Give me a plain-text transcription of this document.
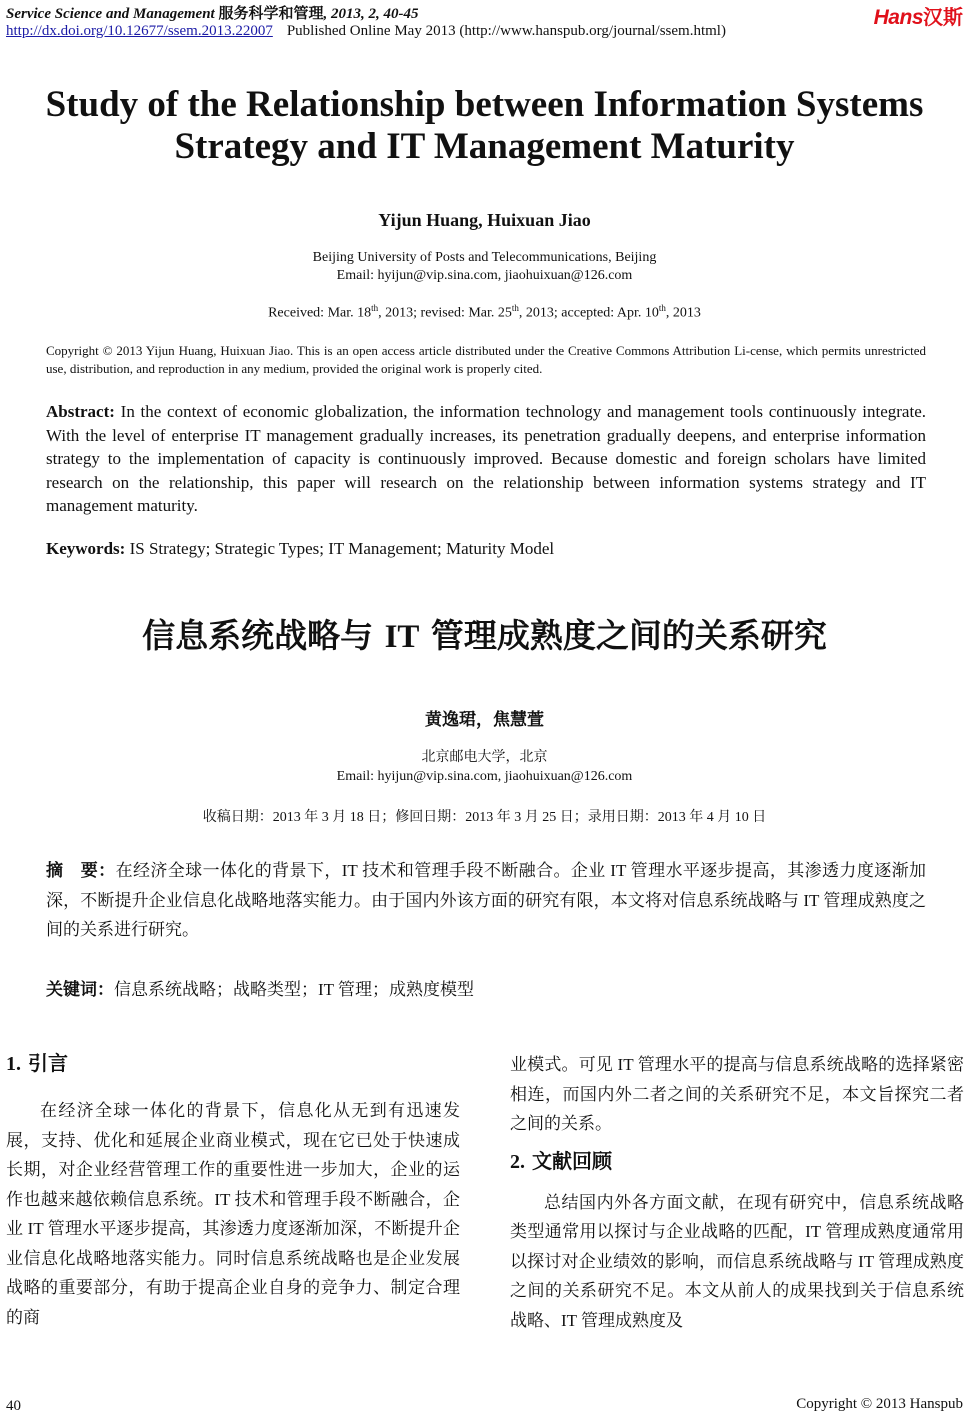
Service Science and Management 服务科学和管理, 2013, 2, 40-45
http://dx.doi.org/10.12677/ssem.2013.22007 Published Online May 2013 (http://www.hanspub.org/journal/ssem.html)
Hans汉斯
Study of the Relationship between Information Systems
Strategy and IT Management Maturity
Yijun Huang, Huixuan Jiao
Beijing University of Posts and Telecommunications, Beijing
Email: hyijun@vip.sina.com, jiaohuixuan@126.com
Received: Mar. 18th, 2013; revised: Mar. 25th, 2013; accepted: Apr. 10th, 2013
Copyright © 2013 Yijun Huang, Huixuan Jiao. This is an open access article distributed under the Creative Commons Attribution Li-cense, which permits unrestricted use, distribution, and reproduction in any medium, provided the original work is properly cited.
Abstract: In the context of economic globalization, the information technology and management tools continuously integrate. With the level of enterprise IT management gradually increases, its penetration gradually deepens, and enterprise information strategy to the implementation of capacity is continuously improved. Because domestic and foreign scholars have limited research on the relationship, this paper will research on the relationship between information systems strategy and IT management maturity.
Keywords: IS Strategy; Strategic Types; IT Management; Maturity Model
信息系统战略与 IT 管理成熟度之间的关系研究
黄逸珺，焦慧萱
北京邮电大学，北京
Email: hyijun@vip.sina.com, jiaohuixuan@126.com
收稿日期：2013 年 3 月 18 日；修回日期：2013 年 3 月 25 日；录用日期：2013 年 4 月 10 日
摘　要：在经济全球一体化的背景下，IT 技术和管理手段不断融合。企业 IT 管理水平逐步提高，其渗透力度逐渐加深，不断提升企业信息化战略地落实能力。由于国内外该方面的研究有限，本文将对信息系统战略与 IT 管理成熟度之间的关系进行研究。
关键词：信息系统战略；战略类型；IT 管理；成熟度模型
1. 引言

在经济全球一体化的背景下，信息化从无到有迅速发展，支持、优化和延展企业商业模式，现在它已处于快速成长期，对企业经营管理工作的重要性进一步加大，企业的运作也越来越依赖信息系统。IT 技术和管理手段不断融合，企业 IT 管理水平逐步提高，其渗透力度逐渐加深，不断提升企业信息化战略地落实能力。同时信息系统战略也是企业发展战略的重要部分，有助于提高企业自身的竞争力、制定合理的商

业模式。可见 IT 管理水平的提高与信息系统战略的选择紧密相连，而国内外二者之间的关系研究不足，本文旨探究二者之间的关系。

2. 文献回顾

总结国内外各方面文献，在现有研究中，信息系统战略类型通常用以探讨与企业战略的匹配，IT 管理成熟度通常用以探讨对企业绩效的影响，而信息系统战略与 IT 管理成熟度之间的关系研究不足。本文从前人的成果找到关于信息系统战略、IT 管理成熟度及

40	Copyright © 2013 Hanspub
